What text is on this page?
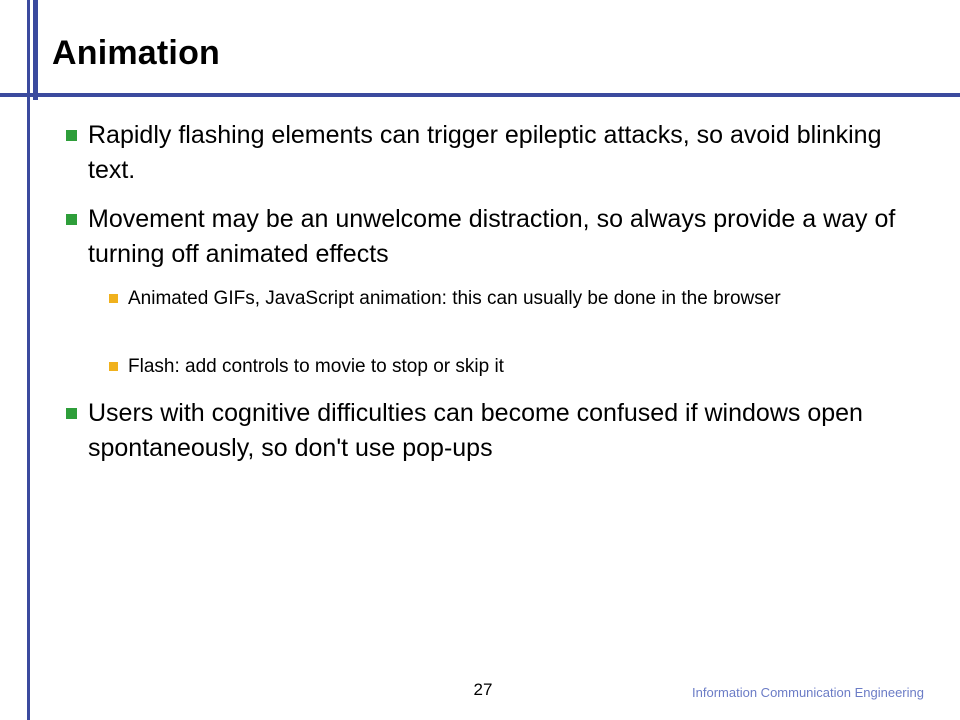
Animation
Rapidly flashing elements can trigger epileptic attacks, so avoid blinking text.
Movement may be an unwelcome distraction, so always provide a way of turning off animated effects
Animated GIFs, JavaScript animation: this can usually be done in the browser
Flash: add controls to movie to stop or skip it
Users with cognitive difficulties can become confused if windows open spontaneously, so don't use pop-ups
27	Information Communication Engineering
